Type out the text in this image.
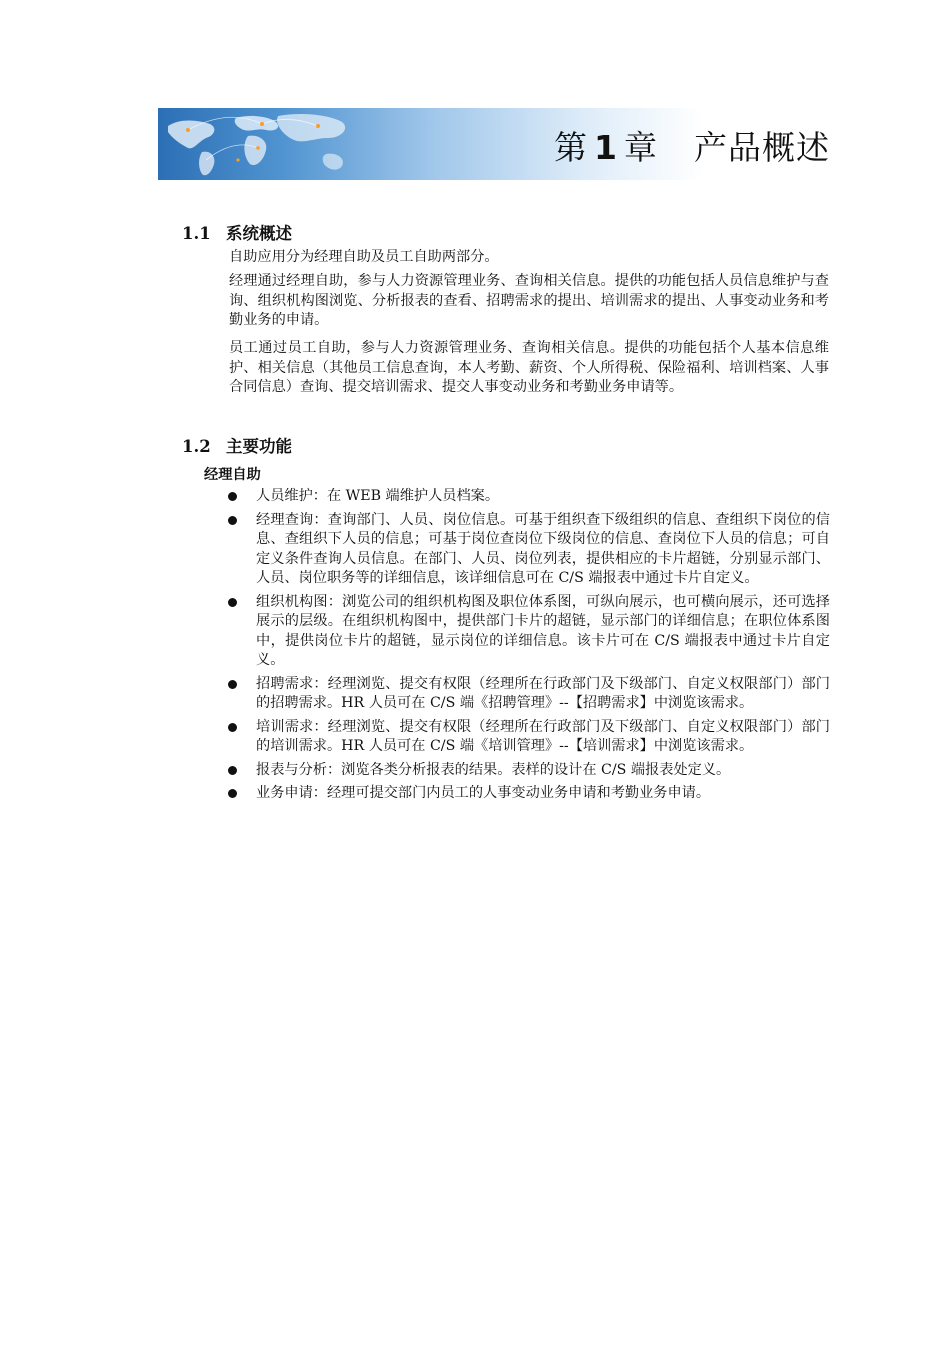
第 1 章 产品概述
1.1 系统概述

自助应用分为经理自助及员工自助两部分。

经理通过经理自助，参与人力资源管理业务、查询相关信息。提供的功能包括人员信息维护与查询、组织机构图浏览、分析报表的查看、招聘需求的提出、培训需求的提出、人事变动业务和考勤业务的申请。

员工通过员工自助，参与人力资源管理业务、查询相关信息。提供的功能包括个人基本信息维护、相关信息（其他员工信息查询，本人考勤、薪资、个人所得税、保险福利、培训档案、人事合同信息）查询、提交培训需求、提交人事变动业务和考勤业务申请等。

1.2 主要功能
经理自助
人员维护：在 WEB 端维护人员档案。
经理查询：查询部门、人员、岗位信息。可基于组织查下级组织的信息、查组织下岗位的信息、查组织下人员的信息；可基于岗位查岗位下级岗位的信息、查岗位下人员的信息；可自定义条件查询人员信息。在部门、人员、岗位列表，提供相应的卡片超链，分别显示部门、人员、岗位职务等的详细信息，该详细信息可在 C/S 端报表中通过卡片自定义。
组织机构图：浏览公司的组织机构图及职位体系图，可纵向展示，也可横向展示，还可选择展示的层级。在组织机构图中，提供部门卡片的超链，显示部门的详细信息；在职位体系图中，提供岗位卡片的超链，显示岗位的详细信息。该卡片可在 C/S 端报表中通过卡片自定义。
招聘需求：经理浏览、提交有权限（经理所在行政部门及下级部门、自定义权限部门）部门的招聘需求。HR 人员可在 C/S 端《招聘管理》--【招聘需求】中浏览该需求。
培训需求：经理浏览、提交有权限（经理所在行政部门及下级部门、自定义权限部门）部门的培训需求。HR 人员可在 C/S 端《培训管理》--【培训需求】中浏览该需求。
报表与分析：浏览各类分析报表的结果。表样的设计在 C/S 端报表处定义。
业务申请：经理可提交部门内员工的人事变动业务申请和考勤业务申请。
